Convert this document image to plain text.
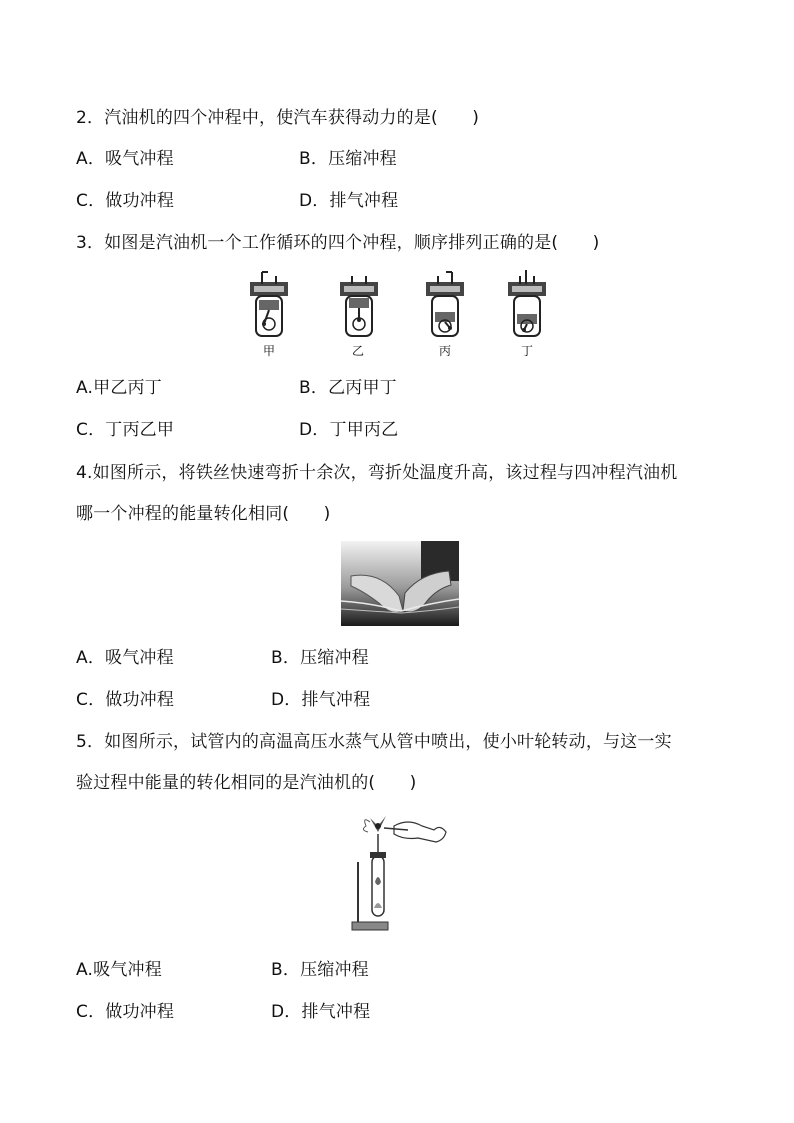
2．汽油机的四个冲程中，使汽车获得动力的是(　　)
A．吸气冲程	B．压缩冲程
C．做功冲程	D．排气冲程
3．如图是汽油机一个工作循环的四个冲程，顺序排列正确的是(　　)
甲	乙	丙	丁
A.甲乙丙丁	B．乙丙甲丁
C．丁丙乙甲	D．丁甲丙乙
4.如图所示，将铁丝快速弯折十余次，弯折处温度升高，该过程与四冲程汽油机
哪一个冲程的能量转化相同(　　)
A．吸气冲程	B．压缩冲程
C．做功冲程	D．排气冲程
5．如图所示，试管内的高温高压水蒸气从管中喷出，使小叶轮转动，与这一实
验过程中能量的转化相同的是汽油机的(　　)
A.吸气冲程	B．压缩冲程
C．做功冲程	D．排气冲程
